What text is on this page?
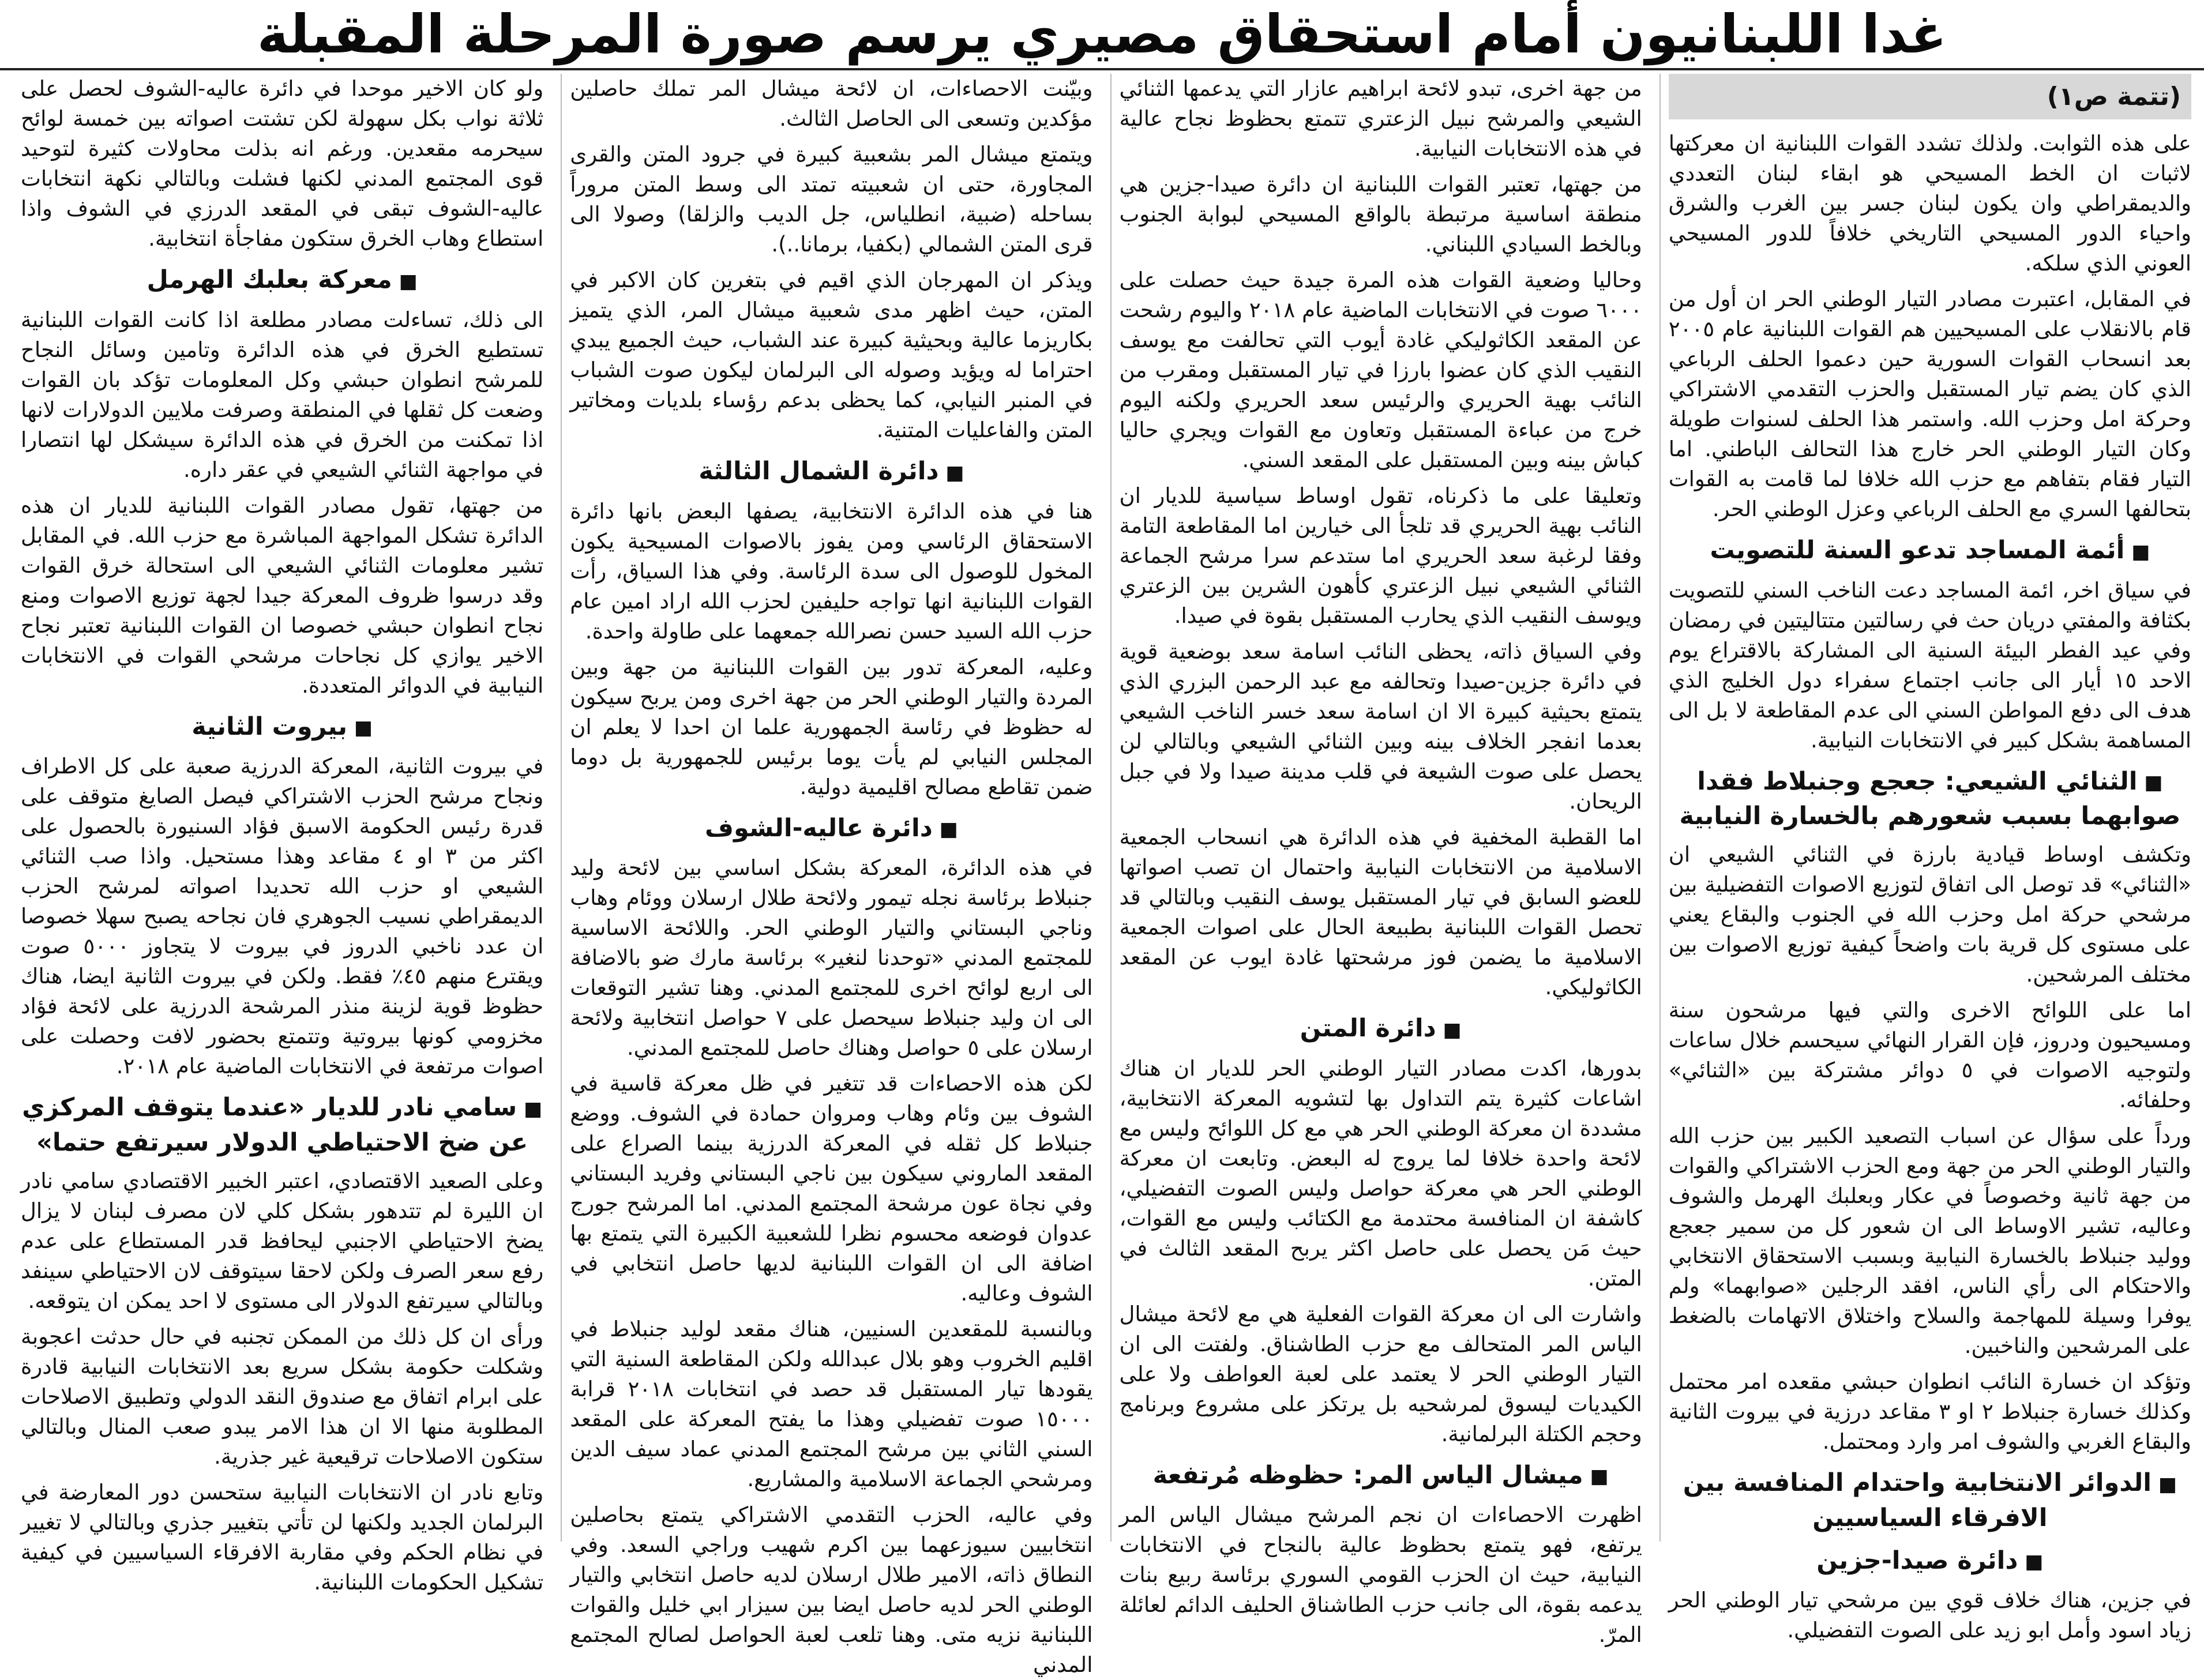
غدا اللبنانيون أمام استحقاق مصيري يرسم صورة المرحلة المقبلة
(تتمة ص١)

على هذه الثوابت. ولذلك تشدد القوات اللبنانية ان معركتها لاثبات ان الخط المسيحي هو ابقاء لبنان التعددي والديمقراطي وان يكون لبنان جسر بين الغرب والشرق واحياء الدور المسيحي التاريخي خلافاً للدور المسيحي العوني الذي سلكه.

في المقابل، اعتبرت مصادر التيار الوطني الحر ان أول من قام بالانقلاب على المسيحيين هم القوات اللبنانية عام ٢٠٠٥ بعد انسحاب القوات السورية حين دعموا الحلف الرباعي الذي كان يضم تيار المستقبل والحزب التقدمي الاشتراكي وحركة امل وحزب الله. واستمر هذا الحلف لسنوات طويلة وكان التيار الوطني الحر خارج هذا التحالف الباطني. اما التيار فقام بتفاهم مع حزب الله خلافا لما قامت به القوات بتحالفها السري مع الحلف الرباعي وعزل الوطني الحر.

■ أئمة المساجد تدعو السنة للتصويت

في سياق اخر، ائمة المساجد دعت الناخب السني للتصويت بكثافة والمفتي دريان حث في رسالتين متتاليتين في رمضان وفي عيد الفطر البيئة السنية الى المشاركة بالاقتراع يوم الاحد ١٥ أيار الى جانب اجتماع سفراء دول الخليج الذي هدف الى دفع المواطن السني الى عدم المقاطعة لا بل الى المساهمة بشكل كبير في الانتخابات النيابية.

■ الثنائي الشيعي: جعجع وجنبلاط فقدا صوابهما بسبب شعورهم بالخسارة النيابية

وتكشف اوساط قيادية بارزة في الثنائي الشيعي ان «الثنائي» قد توصل الى اتفاق لتوزيع الاصوات التفضيلية بين مرشحي حركة امل وحزب الله في الجنوب والبقاع يعني على مستوى كل قرية بات واضحاً كيفية توزيع الاصوات بين مختلف المرشحين.

اما على اللوائح الاخرى والتي فيها مرشحون سنة ومسيحيون ودروز، فإن القرار النهائي سيحسم خلال ساعات ولتوجيه الاصوات في ٥ دوائر مشتركة بين «الثنائي» وحلفائه.

ورداً على سؤال عن اسباب التصعيد الكبير بين حزب الله والتيار الوطني الحر من جهة ومع الحزب الاشتراكي والقوات من جهة ثانية وخصوصاً في عكار وبعلبك الهرمل والشوف وعاليه، تشير الاوساط الى ان شعور كل من سمير جعجع ووليد جنبلاط بالخسارة النيابية وبسبب الاستحقاق الانتخابي والاحتكام الى رأي الناس، افقد الرجلين «صوابهما» ولم يوفرا وسيلة للمهاجمة والسلاح واختلاق الاتهامات بالضغط على المرشحين والناخبين.

وتؤكد ان خسارة النائب انطوان حبشي مقعده امر محتمل وكذلك خسارة جنبلاط ٢ او ٣ مقاعد درزية في بيروت الثانية والبقاع الغربي والشوف امر وارد ومحتمل.

■ الدوائر الانتخابية واحتدام المنافسة بين الافرقاء السياسيين
■ دائرة صيدا-جزين

في جزين، هناك خلاف قوي بين مرشحي تيار الوطني الحر زياد اسود وأمل ابو زيد على الصوت التفضيلي.

من جهة اخرى، تبدو لائحة ابراهيم عازار التي يدعمها الثنائي الشيعي والمرشح نبيل الزعتري تتمتع بحظوظ نجاح عالية في هذه الانتخابات النيابية.

من جهتها، تعتبر القوات اللبنانية ان دائرة صيدا-جزين هي منطقة اساسية مرتبطة بالواقع المسيحي لبوابة الجنوب وبالخط السيادي اللبناني.

وحاليا وضعية القوات هذه المرة جيدة حيث حصلت على ٦٠٠٠ صوت في الانتخابات الماضية عام ٢٠١٨ واليوم رشحت عن المقعد الكاثوليكي غادة أيوب التي تحالفت مع يوسف النقيب الذي كان عضوا بارزا في تيار المستقبل ومقرب من النائب بهية الحريري والرئيس سعد الحريري ولكنه اليوم خرج من عباءة المستقبل وتعاون مع القوات ويجري حاليا كباش بينه وبين المستقبل على المقعد السني.

وتعليقا على ما ذكرناه، تقول اوساط سياسية للديار ان النائب بهية الحريري قد تلجأ الى خيارين اما المقاطعة التامة وفقا لرغبة سعد الحريري اما ستدعم سرا مرشح الجماعة الثنائي الشيعي نبيل الزعتري كأهون الشرين بين الزعتري ويوسف النقيب الذي يحارب المستقبل بقوة في صيدا.

وفي السياق ذاته، يحظى النائب اسامة سعد بوضعية قوية في دائرة جزين-صيدا وتحالفه مع عبد الرحمن البزري الذي يتمتع بحيثية كبيرة الا ان اسامة سعد خسر الناخب الشيعي بعدما انفجر الخلاف بينه وبين الثنائي الشيعي وبالتالي لن يحصل على صوت الشيعة في قلب مدينة صيدا ولا في جبل الريحان.

اما القطبة المخفية في هذه الدائرة هي انسحاب الجمعية الاسلامية من الانتخابات النيابية واحتمال ان تصب اصواتها للعضو السابق في تيار المستقبل يوسف النقيب وبالتالي قد تحصل القوات اللبنانية بطبيعة الحال على اصوات الجمعية الاسلامية ما يضمن فوز مرشحتها غادة ايوب عن المقعد الكاثوليكي.

■ دائرة المتن

بدورها، اكدت مصادر التيار الوطني الحر للديار ان هناك اشاعات كثيرة يتم التداول بها لتشويه المعركة الانتخابية، مشددة ان معركة الوطني الحر هي مع كل اللوائح وليس مع لائحة واحدة خلافا لما يروج له البعض. وتابعت ان معركة الوطني الحر هي معركة حواصل وليس الصوت التفضيلي، كاشفة ان المنافسة محتدمة مع الكتائب وليس مع القوات، حيث مَن يحصل على حاصل اكثر يربح المقعد الثالث في المتن.

واشارت الى ان معركة القوات الفعلية هي مع لائحة ميشال الياس المر المتحالف مع حزب الطاشناق. ولفتت الى ان التيار الوطني الحر لا يعتمد على لعبة العواطف ولا على الكيديات ليسوق لمرشحيه بل يرتكز على مشروع وبرنامج وحجم الكتلة البرلمانية.

■ ميشال الياس المر: حظوظه مُرتفعة

اظهرت الاحصاءات ان نجم المرشح ميشال الياس المر يرتفع، فهو يتمتع بحظوظ عالية بالنجاح في الانتخابات النيابية، حيث ان الحزب القومي السوري برئاسة ربيع بنات يدعمه بقوة، الى جانب حزب الطاشناق الحليف الدائم لعائلة المرّ.

وبيّنت الاحصاءات، ان لائحة ميشال المر تملك حاصلين مؤكدين وتسعى الى الحاصل الثالث.

ويتمتع ميشال المر بشعبية كبيرة في جرود المتن والقرى المجاورة، حتى ان شعبيته تمتد الى وسط المتن مروراً بساحله (ضبية، انطلياس، جل الديب والزلقا) وصولا الى قرى المتن الشمالي (بكفيا، برمانا..).

ويذكر ان المهرجان الذي اقيم في بتغرين كان الاكبر في المتن، حيث اظهر مدى شعبية ميشال المر، الذي يتميز بكاريزما عالية وبحيثية كبيرة عند الشباب، حيث الجميع يبدي احتراما له ويؤيد وصوله الى البرلمان ليكون صوت الشباب في المنبر النيابي، كما يحظى بدعم رؤساء بلديات ومخاتير المتن والفاعليات المتنية.

■ دائرة الشمال الثالثة

هنا في هذه الدائرة الانتخابية، يصفها البعض بانها دائرة الاستحقاق الرئاسي ومن يفوز بالاصوات المسيحية يكون المخول للوصول الى سدة الرئاسة. وفي هذا السياق، رأت القوات اللبنانية انها تواجه حليفين لحزب الله اراد امين عام حزب الله السيد حسن نصرالله جمعهما على طاولة واحدة.

وعليه، المعركة تدور بين القوات اللبنانية من جهة وبين المردة والتيار الوطني الحر من جهة اخرى ومن يربح سيكون له حظوظ في رئاسة الجمهورية علما ان احدا لا يعلم ان المجلس النيابي لم يأت يوما برئيس للجمهورية بل دوما ضمن تقاطع مصالح اقليمية دولية.

■ دائرة عاليه-الشوف

في هذه الدائرة، المعركة بشكل اساسي بين لائحة وليد جنبلاط برئاسة نجله تيمور ولائحة طلال ارسلان ووئام وهاب وناجي البستاني والتيار الوطني الحر. واللائحة الاساسية للمجتمع المدني «توحدنا لنغير» برئاسة مارك ضو بالاضافة الى اربع لوائح اخرى للمجتمع المدني. وهنا تشير التوقعات الى ان وليد جنبلاط سيحصل على ٧ حواصل انتخابية ولائحة ارسلان على ٥ حواصل وهناك حاصل للمجتمع المدني.

لكن هذه الاحصاءات قد تتغير في ظل معركة قاسية في الشوف بين وئام وهاب ومروان حمادة في الشوف. ووضع جنبلاط كل ثقله في المعركة الدرزية بينما الصراع على المقعد الماروني سيكون بين ناجي البستاني وفريد البستاني وفي نجاة عون مرشحة المجتمع المدني. اما المرشح جورج عدوان فوضعه محسوم نظرا للشعبية الكبيرة التي يتمتع بها اضافة الى ان القوات اللبنانية لديها حاصل انتخابي في الشوف وعاليه.

وبالنسبة للمقعدين السنيين، هناك مقعد لوليد جنبلاط في اقليم الخروب وهو بلال عبدالله ولكن المقاطعة السنية التي يقودها تيار المستقبل قد حصد في انتخابات ٢٠١٨ قرابة ١٥٠٠٠ صوت تفضيلي وهذا ما يفتح المعركة على المقعد السني الثاني بين مرشح المجتمع المدني عماد سيف الدين ومرشحي الجماعة الاسلامية والمشاريع.

وفي عاليه، الحزب التقدمي الاشتراكي يتمتع بحاصلين انتخابيين سيوزعهما بين اكرم شهيب وراجي السعد. وفي النطاق ذاته، الامير طلال ارسلان لديه حاصل انتخابي والتيار الوطني الحر لديه حاصل ايضا بين سيزار ابي خليل والقوات اللبنانية نزيه متى. وهنا تلعب لعبة الحواصل لصالح المجتمع المدني

ولو كان الاخير موحدا في دائرة عاليه-الشوف لحصل على ثلاثة نواب بكل سهولة لكن تشتت اصواته بين خمسة لوائح سيحرمه مقعدين. ورغم انه بذلت محاولات كثيرة لتوحيد قوى المجتمع المدني لكنها فشلت وبالتالي نكهة انتخابات عاليه-الشوف تبقى في المقعد الدرزي في الشوف واذا استطاع وهاب الخرق ستكون مفاجأة انتخابية.

■ معركة بعلبك الهرمل

الى ذلك، تساءلت مصادر مطلعة اذا كانت القوات اللبنانية تستطيع الخرق في هذه الدائرة وتامين وسائل النجاح للمرشح انطوان حبشي وكل المعلومات تؤكد بان القوات وضعت كل ثقلها في المنطقة وصرفت ملايين الدولارات لانها اذا تمكنت من الخرق في هذه الدائرة سيشكل لها انتصارا في مواجهة الثنائي الشيعي في عقر داره.

من جهتها، تقول مصادر القوات اللبنانية للديار ان هذه الدائرة تشكل المواجهة المباشرة مع حزب الله. في المقابل تشير معلومات الثنائي الشيعي الى استحالة خرق القوات وقد درسوا ظروف المعركة جيدا لجهة توزيع الاصوات ومنع نجاح انطوان حبشي خصوصا ان القوات اللبنانية تعتبر نجاح الاخير يوازي كل نجاحات مرشحي القوات في الانتخابات النيابية في الدوائر المتعددة.

■ بيروت الثانية

في بيروت الثانية، المعركة الدرزية صعبة على كل الاطراف ونجاح مرشح الحزب الاشتراكي فيصل الصايغ متوقف على قدرة رئيس الحكومة الاسبق فؤاد السنيورة بالحصول على اكثر من ٣ او ٤ مقاعد وهذا مستحيل. واذا صب الثنائي الشيعي او حزب الله تحديدا اصواته لمرشح الحزب الديمقراطي نسيب الجوهري فان نجاحه يصبح سهلا خصوصا ان عدد ناخبي الدروز في بيروت لا يتجاوز ٥٠٠٠ صوت ويقترع منهم ٤٥٪ فقط. ولكن في بيروت الثانية ايضا، هناك حظوظ قوية لزينة منذر المرشحة الدرزية على لائحة فؤاد مخزومي كونها بيروتية وتتمتع بحضور لافت وحصلت على اصوات مرتفعة في الانتخابات الماضية عام ٢٠١٨.

■ سامي نادر للديار «عندما يتوقف المركزي عن ضخ الاحتياطي الدولار سيرتفع حتما»

وعلى الصعيد الاقتصادي، اعتبر الخبير الاقتصادي سامي نادر ان الليرة لم تتدهور بشكل كلي لان مصرف لبنان لا يزال يضخ الاحتياطي الاجنبي ليحافظ قدر المستطاع على عدم رفع سعر الصرف ولكن لاحقا سيتوقف لان الاحتياطي سينفد وبالتالي سيرتفع الدولار الى مستوى لا احد يمكن ان يتوقعه.

ورأى ان كل ذلك من الممكن تجنبه في حال حدثت اعجوبة وشكلت حكومة بشكل سريع بعد الانتخابات النيابية قادرة على ابرام اتفاق مع صندوق النقد الدولي وتطبيق الاصلاحات المطلوبة منها الا ان هذا الامر يبدو صعب المنال وبالتالي ستكون الاصلاحات ترقيعية غير جذرية.

وتابع نادر ان الانتخابات النيابية ستحسن دور المعارضة في البرلمان الجديد ولكنها لن تأتي بتغيير جذري وبالتالي لا تغيير في نظام الحكم وفي مقاربة الافرقاء السياسيين في كيفية تشكيل الحكومات اللبنانية.
